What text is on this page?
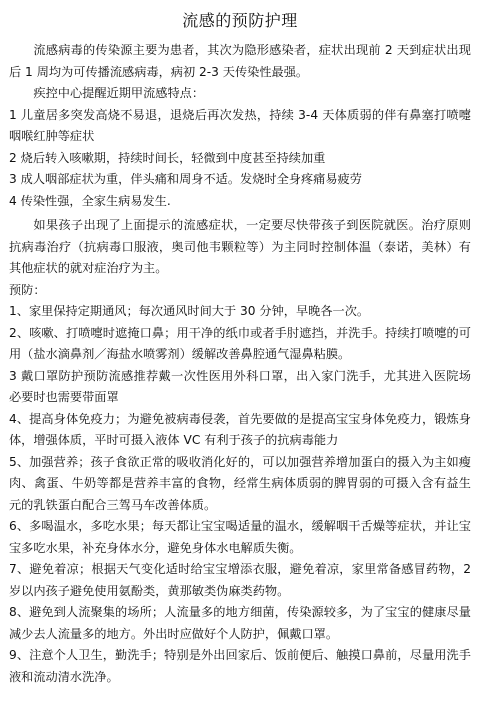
流感的预防护理

流感病毒的传染源主要为患者，其次为隐形感染者，症状出现前 2 天到症状出现后 1 周均为可传播流感病毒，病初 2-3 天传染性最强。

疾控中心提醒近期甲流感特点：

1 儿童居多突发高烧不易退，退烧后再次发热，持续 3-4 天体质弱的伴有鼻塞打喷嚏咽喉红肿等症状

2 烧后转入咳嗽期，持续时间长，轻微到中度甚至持续加重

3 成人咽部症状为重，伴头痛和周身不适。发烧时全身疼痛易疲劳

4 传染性强，全家生病易发生.

如果孩子出现了上面提示的流感症状，一定要尽快带孩子到医院就医。治疗原则抗病毒治疗（抗病毒口服液，奥司他韦颗粒等）为主同时控制体温（泰诺，美林）有其他症状的就对症治疗为主。

预防：

1、家里保持定期通风；每次通风时间大于 30 分钟，早晚各一次。

2、咳嗽、打喷嚏时遮掩口鼻；用干净的纸巾或者手肘遮挡，并洗手。持续打喷嚏的可用（盐水滴鼻剂／海盐水喷雾剂）缓解改善鼻腔通气湿鼻粘膜。

3 戴口罩防护预防流感推荐戴一次性医用外科口罩，出入家门洗手，尤其进入医院场必要时也需要带面罩

4、提高身体免疫力；为避免被病毒侵袭，首先要做的是提高宝宝身体免疫力，锻炼身体，增强体质，平时可摄入液体 VC 有利于孩子的抗病毒能力

5、加强营养；孩子食欲正常的吸收消化好的，可以加强营养增加蛋白的摄入为主如瘦肉、禽蛋、牛奶等都是营养丰富的食物，经常生病体质弱的脾胃弱的可摄入含有益生元的乳铁蛋白配合三驾马车改善体质。

6、多喝温水，多吃水果；每天都让宝宝喝适量的温水，缓解咽干舌燥等症状，并让宝宝多吃水果，补充身体水分，避免身体水电解质失衡。

7、避免着凉；根据天气变化适时给宝宝增添衣服，避免着凉，家里常备感冒药物，2 岁以内孩子避免使用氨酚类，黄那敏类伪麻类药物。

8、避免到人流聚集的场所；人流量多的地方细菌，传染源较多，为了宝宝的健康尽量减少去人流量多的地方。外出时应做好个人防护，佩戴口罩。

9、注意个人卫生，勤洗手；特别是外出回家后、饭前便后、触摸口鼻前，尽量用洗手液和流动清水洗净。
